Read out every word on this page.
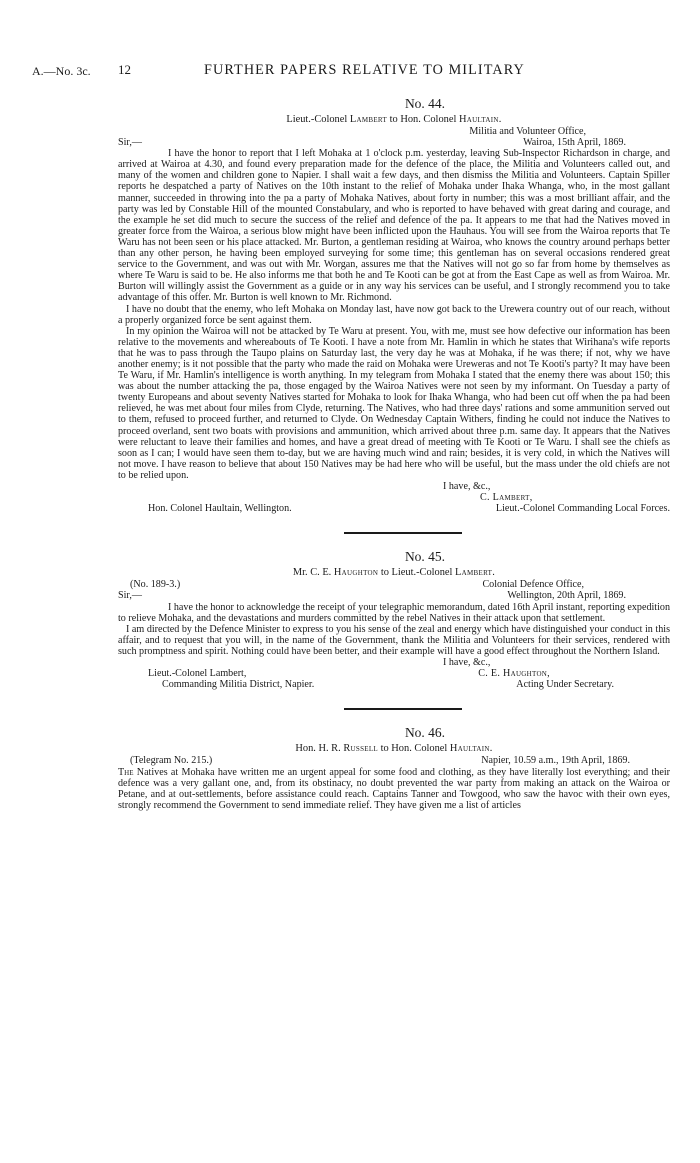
A.—No. 3c. 12	FURTHER PAPERS RELATIVE TO MILITARY
No. 44.

Lieut.-Colonel Lambert to Hon. Colonel Haultain.

Militia and Volunteer Office,

Sir,—	Wairoa, 15th April, 1869.

I have the honor to report that I left Mohaka at 1 o'clock p.m. yesterday, leaving Sub-Inspector Richardson in charge, and arrived at Wairoa at 4.30, and found every preparation made for the defence of the place, the Militia and Volunteers called out, and many of the women and children gone to Napier. I shall wait a few days, and then dismiss the Militia and Volunteers. Captain Spiller reports he despatched a party of Natives on the 10th instant to the relief of Mohaka under Ihaka Whanga, who, in the most gallant manner, succeeded in throwing into the pa a party of Mohaka Natives, about forty in number; this was a most brilliant affair, and the party was led by Constable Hill of the mounted Constabulary, and who is reported to have behaved with great daring and courage, and the example he set did much to secure the success of the relief and defence of the pa. It appears to me that had the Natives moved in greater force from the Wairoa, a serious blow might have been inflicted upon the Hauhaus. You will see from the Wairoa reports that Te Waru has not been seen or his place attacked. Mr. Burton, a gentleman residing at Wairoa, who knows the country around perhaps better than any other person, he having been employed surveying for some time; this gentleman has on several occasions rendered great service to the Government, and was out with Mr. Worgan, assures me that the Natives will not go so far from home by themselves as where Te Waru is said to be. He also informs me that both he and Te Kooti can be got at from the East Cape as well as from Wairoa. Mr. Burton will willingly assist the Government as a guide or in any way his services can be useful, and I strongly recommend you to take advantage of this offer. Mr. Burton is well known to Mr. Richmond.

I have no doubt that the enemy, who left Mohaka on Monday last, have now got back to the Urewera country out of our reach, without a properly organized force be sent against them.

In my opinion the Wairoa will not be attacked by Te Waru at present. You, with me, must see how defective our information has been relative to the movements and whereabouts of Te Kooti. I have a note from Mr. Hamlin in which he states that Wirihana's wife reports that he was to pass through the Taupo plains on Saturday last, the very day he was at Mohaka, if he was there; if not, why we have another enemy; is it not possible that the party who made the raid on Mohaka were Ureweras and not Te Kooti's party? It may have been Te Waru, if Mr. Hamlin's intelligence is worth anything. In my telegram from Mohaka I stated that the enemy there was about 150; this was about the number attacking the pa, those engaged by the Wairoa Natives were not seen by my informant. On Tuesday a party of twenty Europeans and about seventy Natives started for Mohaka to look for Ihaka Whanga, who had been cut off when the pa had been relieved, he was met about four miles from Clyde, returning. The Natives, who had three days' rations and some ammunition served out to them, refused to proceed further, and returned to Clyde. On Wednesday Captain Withers, finding he could not induce the Natives to proceed overland, sent two boats with provisions and ammunition, which arrived about three p.m. same day. It appears that the Natives were reluctant to leave their families and homes, and have a great dread of meeting with Te Kooti or Te Waru. I shall see the chiefs as soon as I can; I would have seen them to-day, but we are having much wind and rain; besides, it is very cold, in which the Natives will not move. I have reason to believe that about 150 Natives may be had here who will be useful, but the mass under the old chiefs are not to be relied upon.

I have, &c.,

C. Lambert,

Hon. Colonel Haultain, Wellington.	Lieut.-Colonel Commanding Local Forces.
No. 45.

Mr. C. E. Haughton to Lieut.-Colonel Lambert.

(No. 189-3.)	Colonial Defence Office,
Sir,—	Wellington, 20th April, 1869.

I have the honor to acknowledge the receipt of your telegraphic memorandum, dated 16th April instant, reporting expedition to relieve Mohaka, and the devastations and murders committed by the rebel Natives in their attack upon that settlement.

I am directed by the Defence Minister to express to you his sense of the zeal and energy which have distinguished your conduct in this affair, and to request that you will, in the name of the Government, thank the Militia and Volunteers for their services, rendered with such promptness and spirit. Nothing could have been better, and their example will have a good effect throughout the Northern Island.

I have, &c.,

Lieut.-Colonel Lambert,	C. E. Haughton,
Commanding Militia District, Napier.	Acting Under Secretary.
No. 46.

Hon. H. R. Russell to Hon. Colonel Haultain.

(Telegram No. 215.)	Napier, 10.59 a.m., 19th April, 1869.

The Natives at Mohaka have written me an urgent appeal for some food and clothing, as they have literally lost everything; and their defence was a very gallant one, and, from its obstinacy, no doubt prevented the war party from making an attack on the Wairoa or Petane, and at out-settlements, before assistance could reach. Captains Tanner and Towgood, who saw the havoc with their own eyes, strongly recommend the Government to send immediate relief. They have given me a list of articles
